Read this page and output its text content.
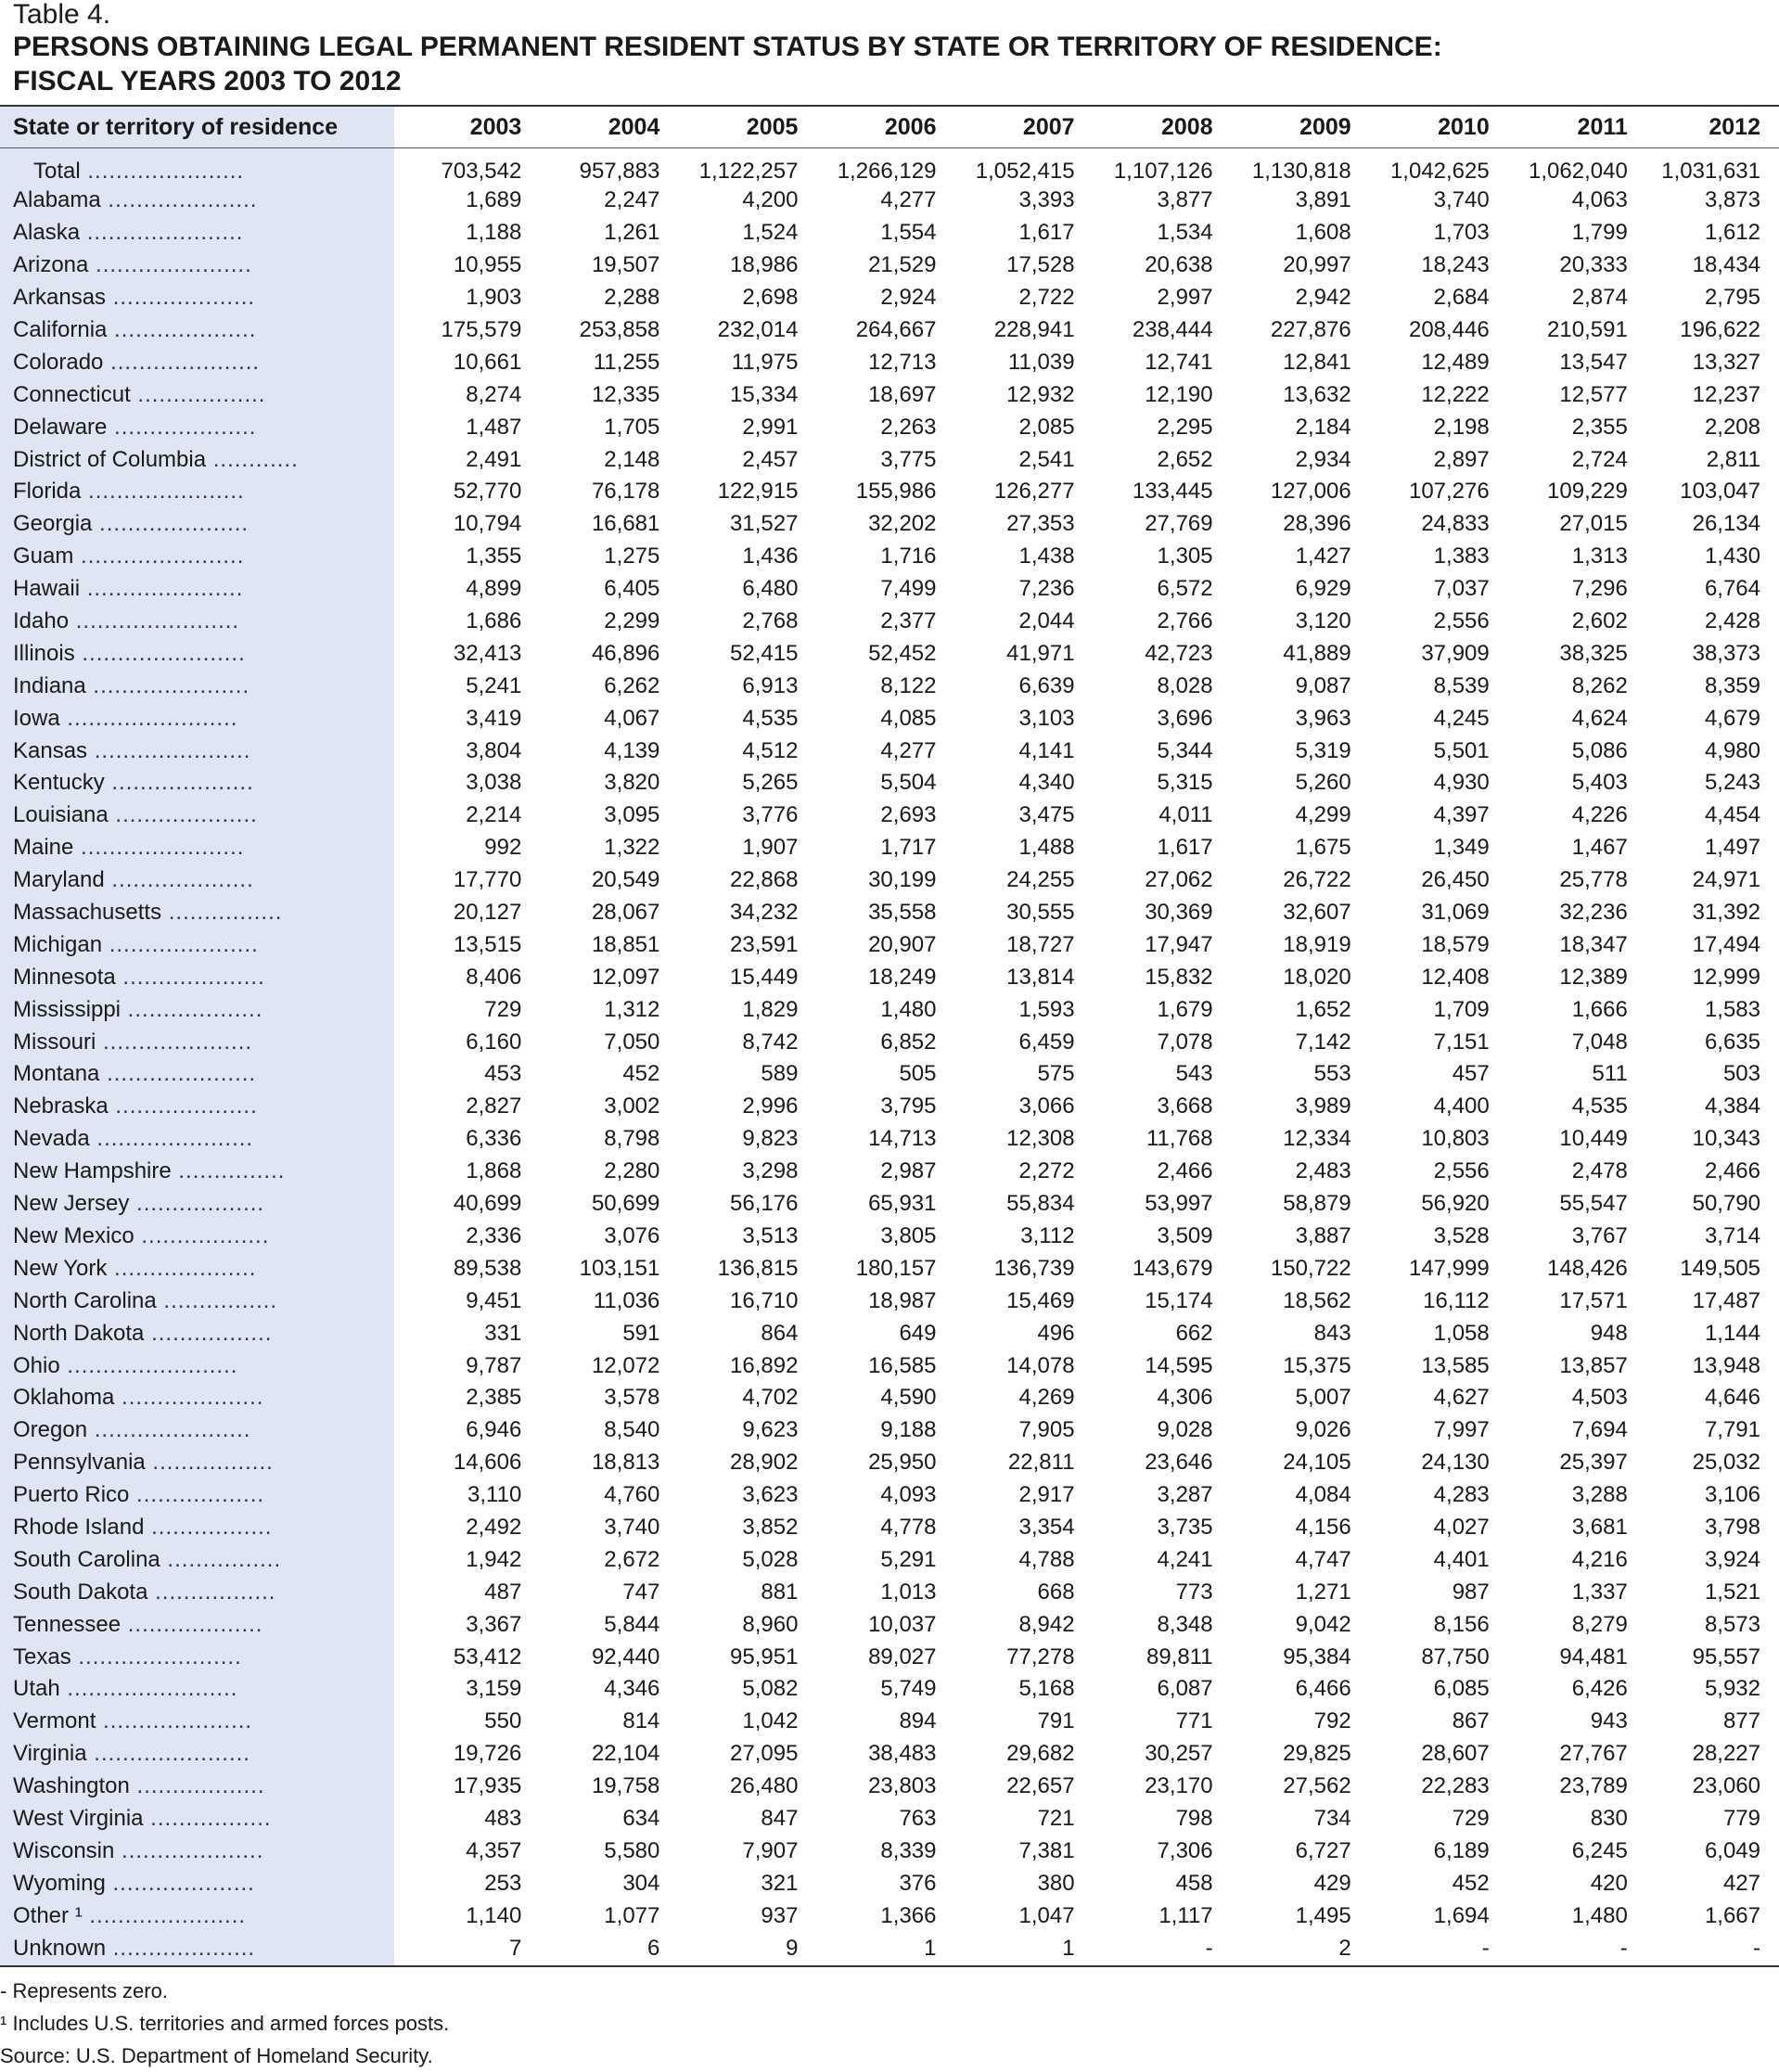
Table 4.
PERSONS OBTAINING LEGAL PERMANENT RESIDENT STATUS BY STATE OR TERRITORY OF RESIDENCE:
FISCAL YEARS 2003 TO 2012
State or territory of residence	2003	2004	2005	2006	2007	2008	2009	2010	2011	2012
Total ......................	703,542	957,883	1,122,257	1,266,129	1,052,415	1,107,126	1,130,818	1,042,625	1,062,040	1,031,631
Alabama .....................	1,689	2,247	4,200	4,277	3,393	3,877	3,891	3,740	4,063	3,873
Alaska ......................	1,188	1,261	1,524	1,554	1,617	1,534	1,608	1,703	1,799	1,612
Arizona ......................	10,955	19,507	18,986	21,529	17,528	20,638	20,997	18,243	20,333	18,434
Arkansas ....................	1,903	2,288	2,698	2,924	2,722	2,997	2,942	2,684	2,874	2,795
California ....................	175,579	253,858	232,014	264,667	228,941	238,444	227,876	208,446	210,591	196,622
Colorado .....................	10,661	11,255	11,975	12,713	11,039	12,741	12,841	12,489	13,547	13,327
Connecticut ..................	8,274	12,335	15,334	18,697	12,932	12,190	13,632	12,222	12,577	12,237
Delaware ....................	1,487	1,705	2,991	2,263	2,085	2,295	2,184	2,198	2,355	2,208
District of Columbia ............	2,491	2,148	2,457	3,775	2,541	2,652	2,934	2,897	2,724	2,811
Florida ......................	52,770	76,178	122,915	155,986	126,277	133,445	127,006	107,276	109,229	103,047
Georgia .....................	10,794	16,681	31,527	32,202	27,353	27,769	28,396	24,833	27,015	26,134
Guam .......................	1,355	1,275	1,436	1,716	1,438	1,305	1,427	1,383	1,313	1,430
Hawaii ......................	4,899	6,405	6,480	7,499	7,236	6,572	6,929	7,037	7,296	6,764
Idaho .......................	1,686	2,299	2,768	2,377	2,044	2,766	3,120	2,556	2,602	2,428
Illinois .......................	32,413	46,896	52,415	52,452	41,971	42,723	41,889	37,909	38,325	38,373
Indiana ......................	5,241	6,262	6,913	8,122	6,639	8,028	9,087	8,539	8,262	8,359
Iowa ........................	3,419	4,067	4,535	4,085	3,103	3,696	3,963	4,245	4,624	4,679
Kansas ......................	3,804	4,139	4,512	4,277	4,141	5,344	5,319	5,501	5,086	4,980
Kentucky ....................	3,038	3,820	5,265	5,504	4,340	5,315	5,260	4,930	5,403	5,243
Louisiana ....................	2,214	3,095	3,776	2,693	3,475	4,011	4,299	4,397	4,226	4,454
Maine .......................	992	1,322	1,907	1,717	1,488	1,617	1,675	1,349	1,467	1,497
Maryland ....................	17,770	20,549	22,868	30,199	24,255	27,062	26,722	26,450	25,778	24,971
Massachusetts ................	20,127	28,067	34,232	35,558	30,555	30,369	32,607	31,069	32,236	31,392
Michigan .....................	13,515	18,851	23,591	20,907	18,727	17,947	18,919	18,579	18,347	17,494
Minnesota ....................	8,406	12,097	15,449	18,249	13,814	15,832	18,020	12,408	12,389	12,999
Mississippi ...................	729	1,312	1,829	1,480	1,593	1,679	1,652	1,709	1,666	1,583
Missouri .....................	6,160	7,050	8,742	6,852	6,459	7,078	7,142	7,151	7,048	6,635
Montana .....................	453	452	589	505	575	543	553	457	511	503
Nebraska ....................	2,827	3,002	2,996	3,795	3,066	3,668	3,989	4,400	4,535	4,384
Nevada ......................	6,336	8,798	9,823	14,713	12,308	11,768	12,334	10,803	10,449	10,343
New Hampshire ...............	1,868	2,280	3,298	2,987	2,272	2,466	2,483	2,556	2,478	2,466
New Jersey ..................	40,699	50,699	56,176	65,931	55,834	53,997	58,879	56,920	55,547	50,790
New Mexico ..................	2,336	3,076	3,513	3,805	3,112	3,509	3,887	3,528	3,767	3,714
New York ....................	89,538	103,151	136,815	180,157	136,739	143,679	150,722	147,999	148,426	149,505
North Carolina ................	9,451	11,036	16,710	18,987	15,469	15,174	18,562	16,112	17,571	17,487
North Dakota .................	331	591	864	649	496	662	843	1,058	948	1,144
Ohio ........................	9,787	12,072	16,892	16,585	14,078	14,595	15,375	13,585	13,857	13,948
Oklahoma ....................	2,385	3,578	4,702	4,590	4,269	4,306	5,007	4,627	4,503	4,646
Oregon ......................	6,946	8,540	9,623	9,188	7,905	9,028	9,026	7,997	7,694	7,791
Pennsylvania .................	14,606	18,813	28,902	25,950	22,811	23,646	24,105	24,130	25,397	25,032
Puerto Rico ..................	3,110	4,760	3,623	4,093	2,917	3,287	4,084	4,283	3,288	3,106
Rhode Island .................	2,492	3,740	3,852	4,778	3,354	3,735	4,156	4,027	3,681	3,798
South Carolina ................	1,942	2,672	5,028	5,291	4,788	4,241	4,747	4,401	4,216	3,924
South Dakota .................	487	747	881	1,013	668	773	1,271	987	1,337	1,521
Tennessee ...................	3,367	5,844	8,960	10,037	8,942	8,348	9,042	8,156	8,279	8,573
Texas .......................	53,412	92,440	95,951	89,027	77,278	89,811	95,384	87,750	94,481	95,557
Utah ........................	3,159	4,346	5,082	5,749	5,168	6,087	6,466	6,085	6,426	5,932
Vermont .....................	550	814	1,042	894	791	771	792	867	943	877
Virginia ......................	19,726	22,104	27,095	38,483	29,682	30,257	29,825	28,607	27,767	28,227
Washington ..................	17,935	19,758	26,480	23,803	22,657	23,170	27,562	22,283	23,789	23,060
West Virginia .................	483	634	847	763	721	798	734	729	830	779
Wisconsin ....................	4,357	5,580	7,907	8,339	7,381	7,306	6,727	6,189	6,245	6,049
Wyoming ....................	253	304	321	376	380	458	429	452	420	427
Other ¹ ......................	1,140	1,077	937	1,366	1,047	1,117	1,495	1,694	1,480	1,667
Unknown ....................	7	6	9	1	1	-	2	-	-	-
- Represents zero.
¹ Includes U.S. territories and armed forces posts.
Source: U.S. Department of Homeland Security.
